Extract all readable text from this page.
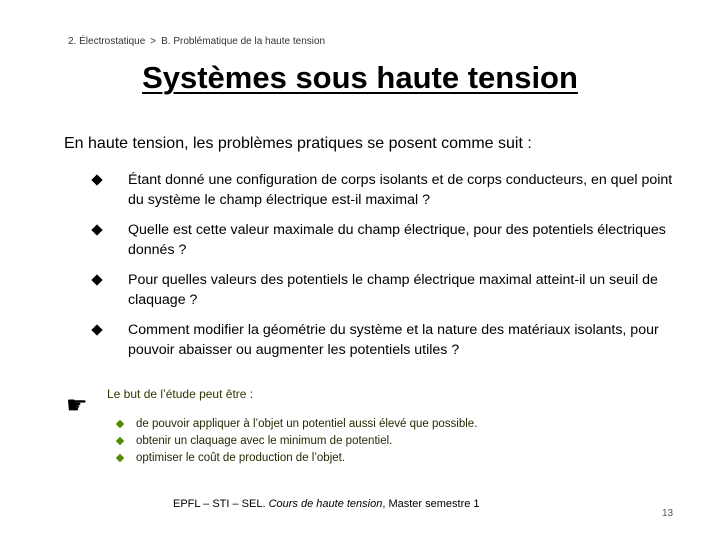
2. Électrostatique > B. Problématique de la haute tension
Systèmes sous haute tension
En haute tension, les problèmes pratiques se posent comme suit :
Étant donné une configuration de corps isolants et de corps conducteurs, en quel point du système le champ électrique est-il maximal ?
Quelle est cette valeur maximale du champ électrique, pour des potentiels électriques donnés ?
Pour quelles valeurs des potentiels le champ électrique maximal atteint-il un seuil de claquage ?
Comment modifier la géométrie du système et la nature des matériaux isolants, pour pouvoir abaisser ou augmenter les potentiels utiles ?
☛ Le but de l’étude peut être :
de pouvoir appliquer à l’objet un potentiel aussi élevé que possible.
obtenir un claquage avec le minimum de potentiel.
optimiser le coût de production de l’objet.
EPFL – STI – SEL. Cours de haute tension, Master semestre 1
13
